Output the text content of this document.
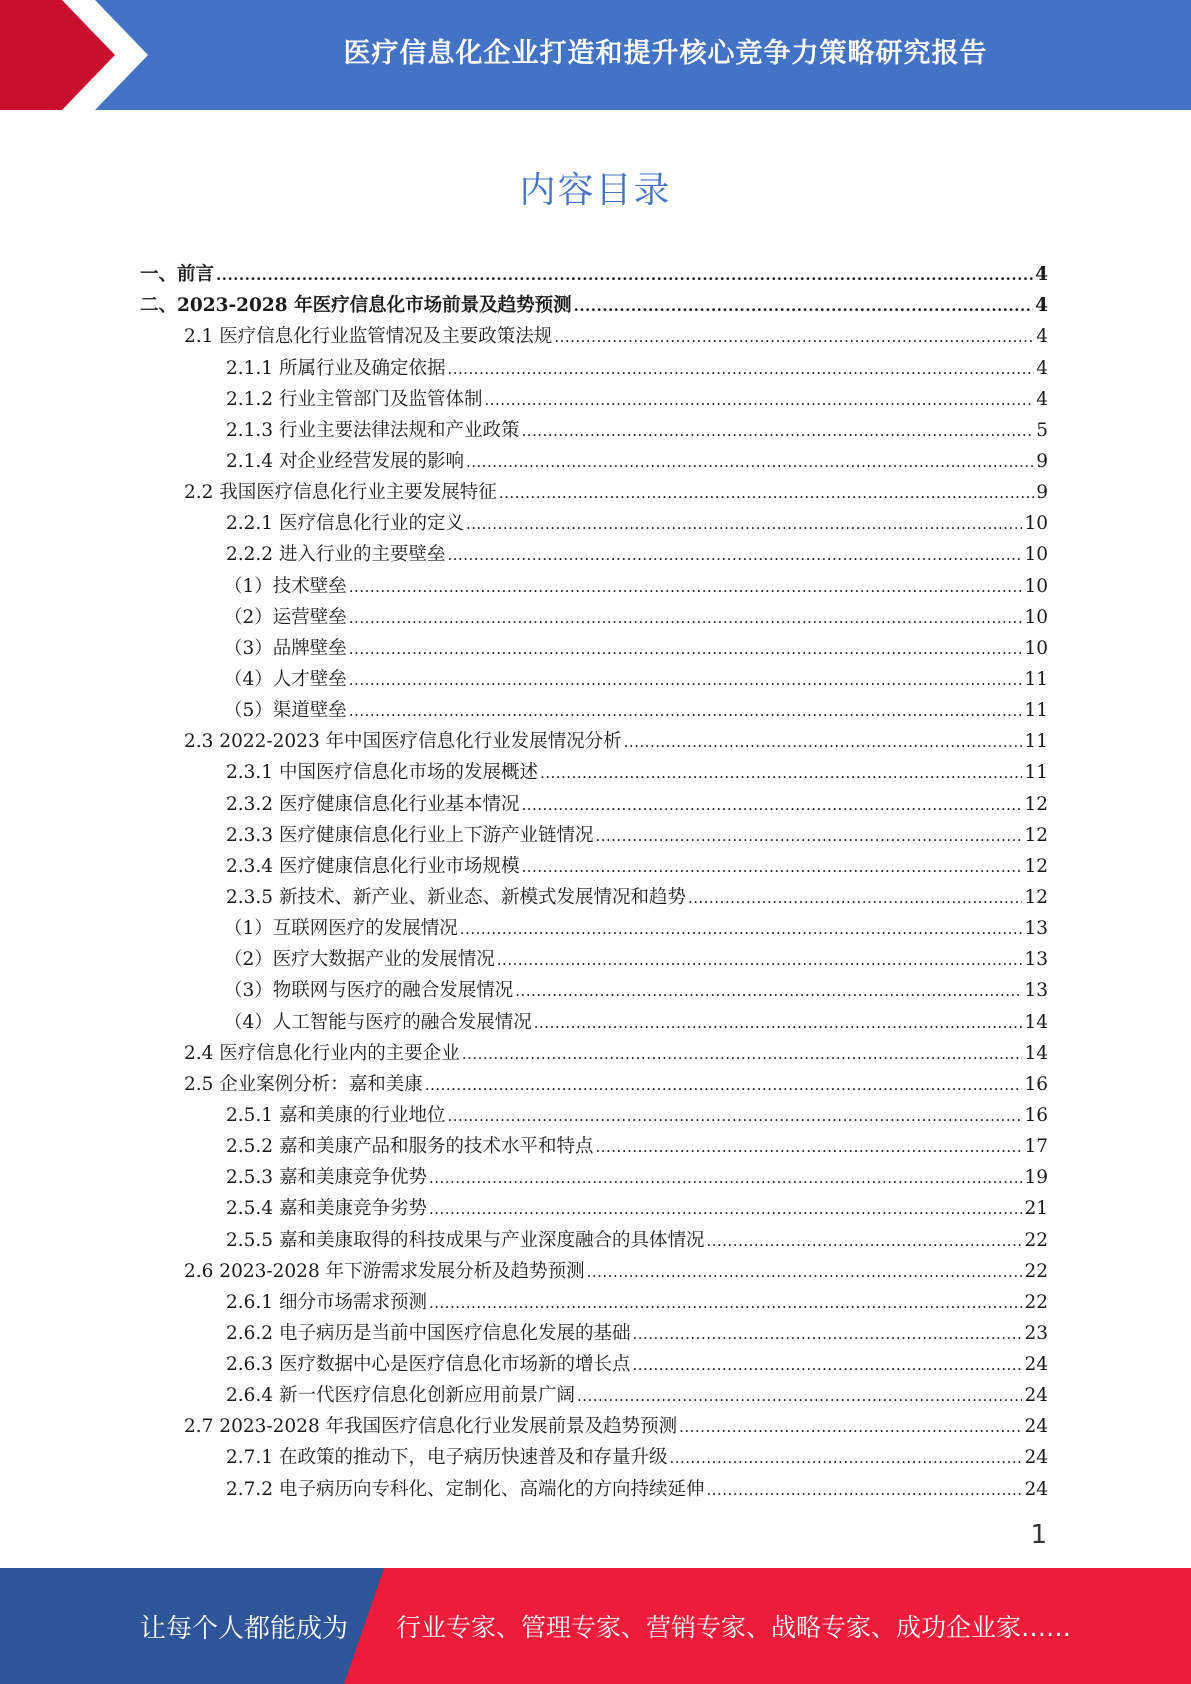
医疗信息化企业打造和提升核心竞争力策略研究报告
内容目录
一、前言 .....	4
二、2023-2028 年医疗信息化市场前景及趋势预测 .....	4
2.1 医疗信息化行业监管情况及主要政策法规 .....	4
2.1.1 所属行业及确定依据 .....	4
2.1.2 行业主管部门及监管体制 .....	4
2.1.3 行业主要法律法规和产业政策 .....	5
2.1.4 对企业经营发展的影响 .....	9
2.2 我国医疗信息化行业主要发展特征 .....	9
2.2.1 医疗信息化行业的定义 .....	10
2.2.2 进入行业的主要壁垒 .....	10
（1）技术壁垒 .....	10
（2）运营壁垒 .....	10
（3）品牌壁垒 .....	10
（4）人才壁垒 .....	11
（5）渠道壁垒 .....	11
2.3 2022-2023 年中国医疗信息化行业发展情况分析 .....	11
2.3.1 中国医疗信息化市场的发展概述 .....	11
2.3.2 医疗健康信息化行业基本情况 .....	12
2.3.3 医疗健康信息化行业上下游产业链情况 .....	12
2.3.4 医疗健康信息化行业市场规模 .....	12
2.3.5 新技术、新产业、新业态、新模式发展情况和趋势 .....	12
（1）互联网医疗的发展情况 .....	13
（2）医疗大数据产业的发展情况 .....	13
（3）物联网与医疗的融合发展情况 .....	13
（4）人工智能与医疗的融合发展情况 .....	14
2.4 医疗信息化行业内的主要企业 .....	14
2.5 企业案例分析：嘉和美康 .....	16
2.5.1 嘉和美康的行业地位 .....	16
2.5.2 嘉和美康产品和服务的技术水平和特点 .....	17
2.5.3 嘉和美康竞争优势 .....	19
2.5.4 嘉和美康竞争劣势 .....	21
2.5.5 嘉和美康取得的科技成果与产业深度融合的具体情况 .....	22
2.6 2023-2028 年下游需求发展分析及趋势预测 .....	22
2.6.1 细分市场需求预测 .....	22
2.6.2 电子病历是当前中国医疗信息化发展的基础 .....	23
2.6.3 医疗数据中心是医疗信息化市场新的增长点 .....	24
2.6.4 新一代医疗信息化创新应用前景广阔 .....	24
2.7 2023-2028 年我国医疗信息化行业发展前景及趋势预测 .....	24
2.7.1 在政策的推动下，电子病历快速普及和存量升级 .....	24
2.7.2 电子病历向专科化、定制化、高端化的方向持续延伸 .....	24
1
让每个人都能成为 行业专家、管理专家、营销专家、战略专家、成功企业家……
